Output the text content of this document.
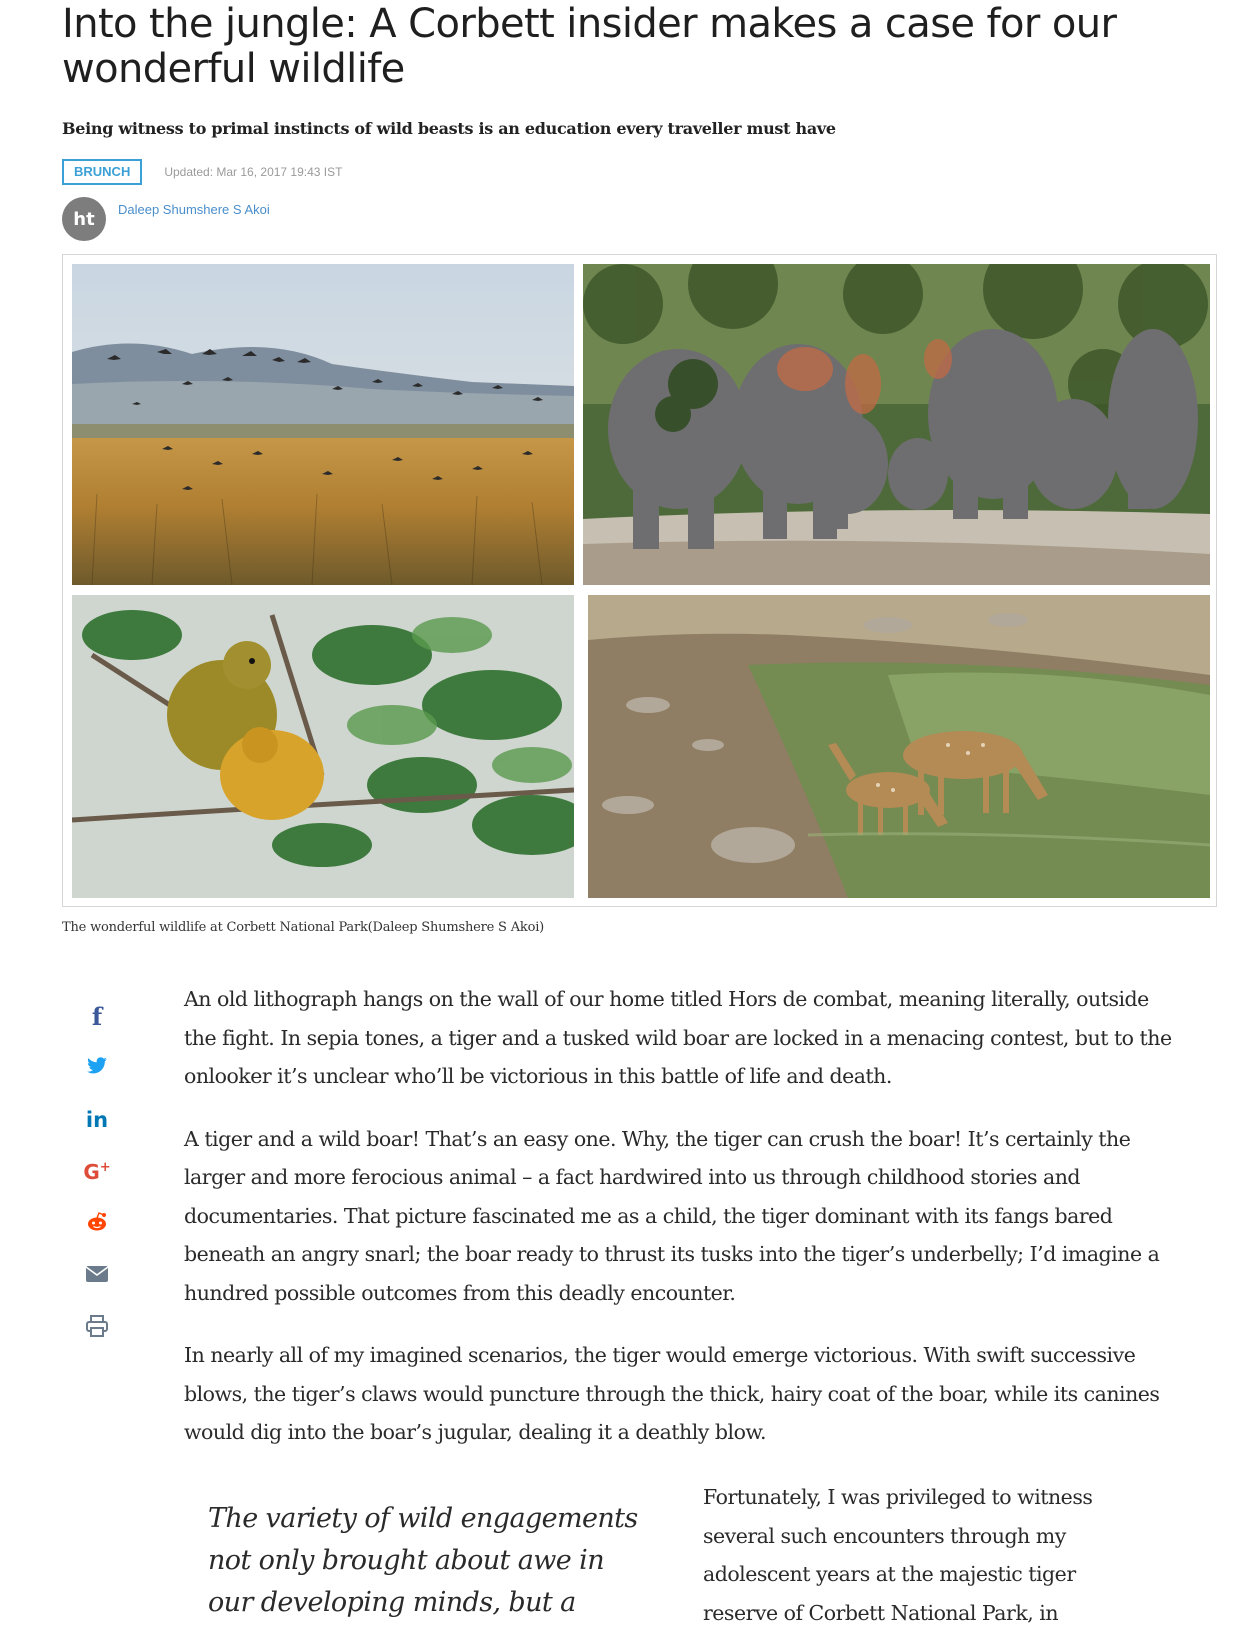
Into the jungle: A Corbett insider makes a case for our wonderful wildlife
Being witness to primal instincts of wild beasts is an education every traveller must have
BRUNCH	Updated: Mar 16, 2017 19:43 IST
ht	Daleep Shumshere S Akoi
The wonderful wildlife at Corbett National Park(Daleep Shumshere S Akoi)
f
in
G+

An old lithograph hangs on the wall of our home titled Hors de combat, meaning literally, outside the fight. In sepia tones, a tiger and a tusked wild boar are locked in a menacing contest, but to the onlooker it’s unclear who’ll be victorious in this battle of life and death.

A tiger and a wild boar! That’s an easy one. Why, the tiger can crush the boar! It’s certainly the larger and more ferocious animal – a fact hardwired into us through childhood stories and documentaries. That picture fascinated me as a child, the tiger dominant with its fangs bared beneath an angry snarl; the boar ready to thrust its tusks into the tiger’s underbelly; I’d imagine a hundred possible outcomes from this deadly encounter.

In nearly all of my imagined scenarios, the tiger would emerge victorious. With swift successive blows, the tiger’s claws would puncture through the thick, hairy coat of the boar, while its canines would dig into the boar’s jugular, dealing it a deathly blow.

The variety of wild engagements not only brought about awe in our developing minds, but a
Fortunately, I was privileged to witness several such encounters through my adolescent years at the majestic tiger reserve of Corbett National Park, in
